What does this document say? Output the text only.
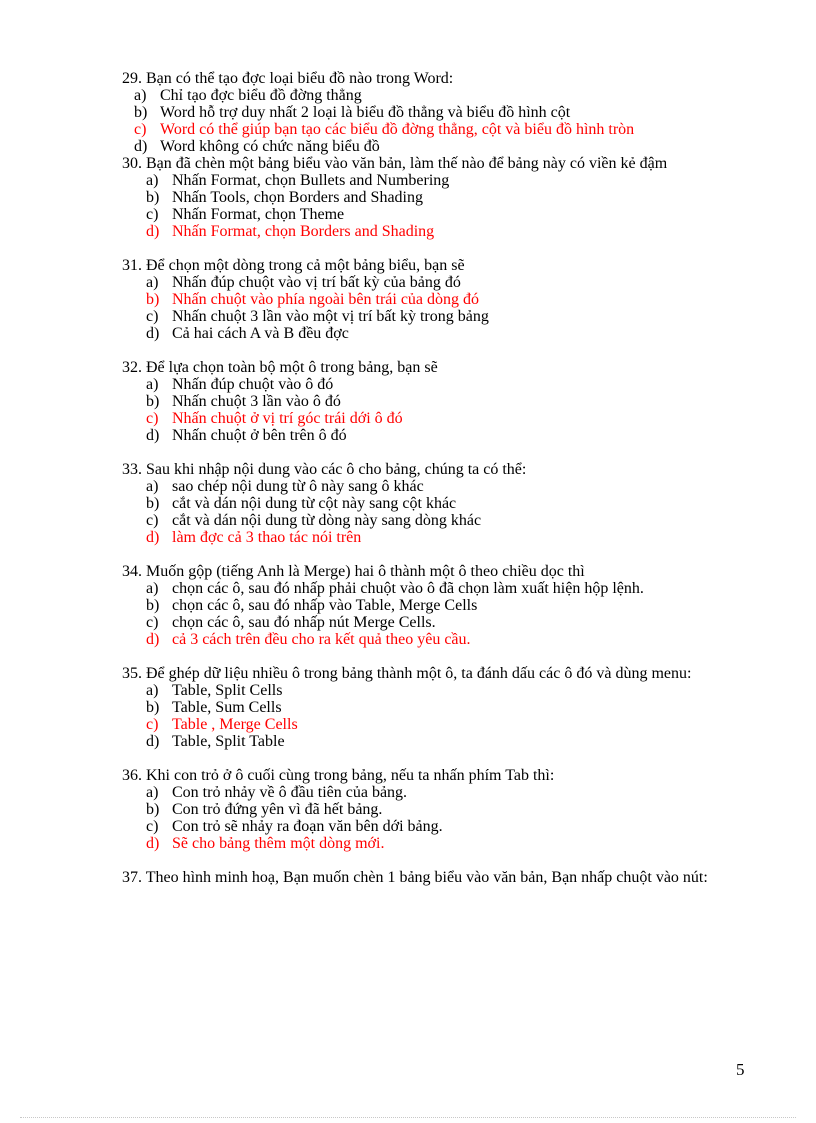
29. Bạn có thể tạo đợc loại biểu đồ nào trong Word:
a) Chỉ tạo đợc biểu đồ đờng thẳng
b) Word hỗ trợ duy nhất 2 loại là biểu đồ thẳng và biểu đồ hình cột
c) Word có thể giúp bạn tạo các biểu đồ đờng thẳng, cột và biểu đồ hình tròn
d) Word không có chức năng biểu đồ
30. Bạn đã chèn một bảng biểu vào văn bản, làm thế nào để bảng này có viền kẻ đậm
a) Nhấn Format, chọn Bullets and Numbering
b) Nhấn Tools, chọn Borders and Shading
c) Nhấn Format, chọn Theme
d) Nhấn Format, chọn Borders and Shading
31. Để chọn một dòng trong cả một bảng biểu, bạn sẽ
a) Nhấn đúp chuột vào vị trí bất kỳ của bảng đó
b) Nhấn chuột vào phía ngoài bên trái của dòng đó
c) Nhấn chuột 3 lần vào một vị trí bất kỳ trong bảng
d) Cả hai cách A và B đều đợc
32. Để lựa chọn toàn bộ một ô trong bảng, bạn sẽ
a) Nhấn đúp chuột vào ô đó
b) Nhấn chuột 3 lần vào ô đó
c) Nhấn chuột ở vị trí góc trái dới ô đó
d) Nhấn chuột ở bên trên ô đó
33. Sau khi nhập nội dung vào các ô cho bảng, chúng ta có thể:
a) sao chép nội dung từ ô này sang ô khác
b) cắt và dán nội dung từ cột này sang cột khác
c) cắt và dán nội dung từ dòng này sang dòng khác
d) làm đợc cả 3 thao tác nói trên
34. Muốn gộp (tiếng Anh là Merge) hai ô thành một ô theo chiều dọc thì
a) chọn các ô, sau đó nhấp phải chuột vào ô đã chọn làm xuất hiện hộp lệnh.
b) chọn các ô, sau đó nhấp vào Table, Merge Cells
c) chọn các ô, sau đó nhấp nút Merge Cells.
d) cả 3 cách trên đều cho ra kết quả theo yêu cầu.
35. Để ghép dữ liệu nhiều ô trong bảng thành một ô, ta đánh dấu các ô đó và dùng menu:
a) Table, Split Cells
b) Table, Sum Cells
c) Table , Merge Cells
d) Table, Split Table
36. Khi con trỏ ở ô cuối cùng trong bảng, nếu ta nhấn phím Tab thì:
a) Con trỏ nhảy về ô đầu tiên của bảng.
b) Con trỏ đứng yên vì đã hết bảng.
c) Con trỏ sẽ nhảy ra đoạn văn bên dới bảng.
d) Sẽ cho bảng thêm một dòng mới.
37. Theo hình minh hoạ, Bạn muốn chèn 1 bảng biểu vào văn bản, Bạn nhấp chuột vào nút:
5
